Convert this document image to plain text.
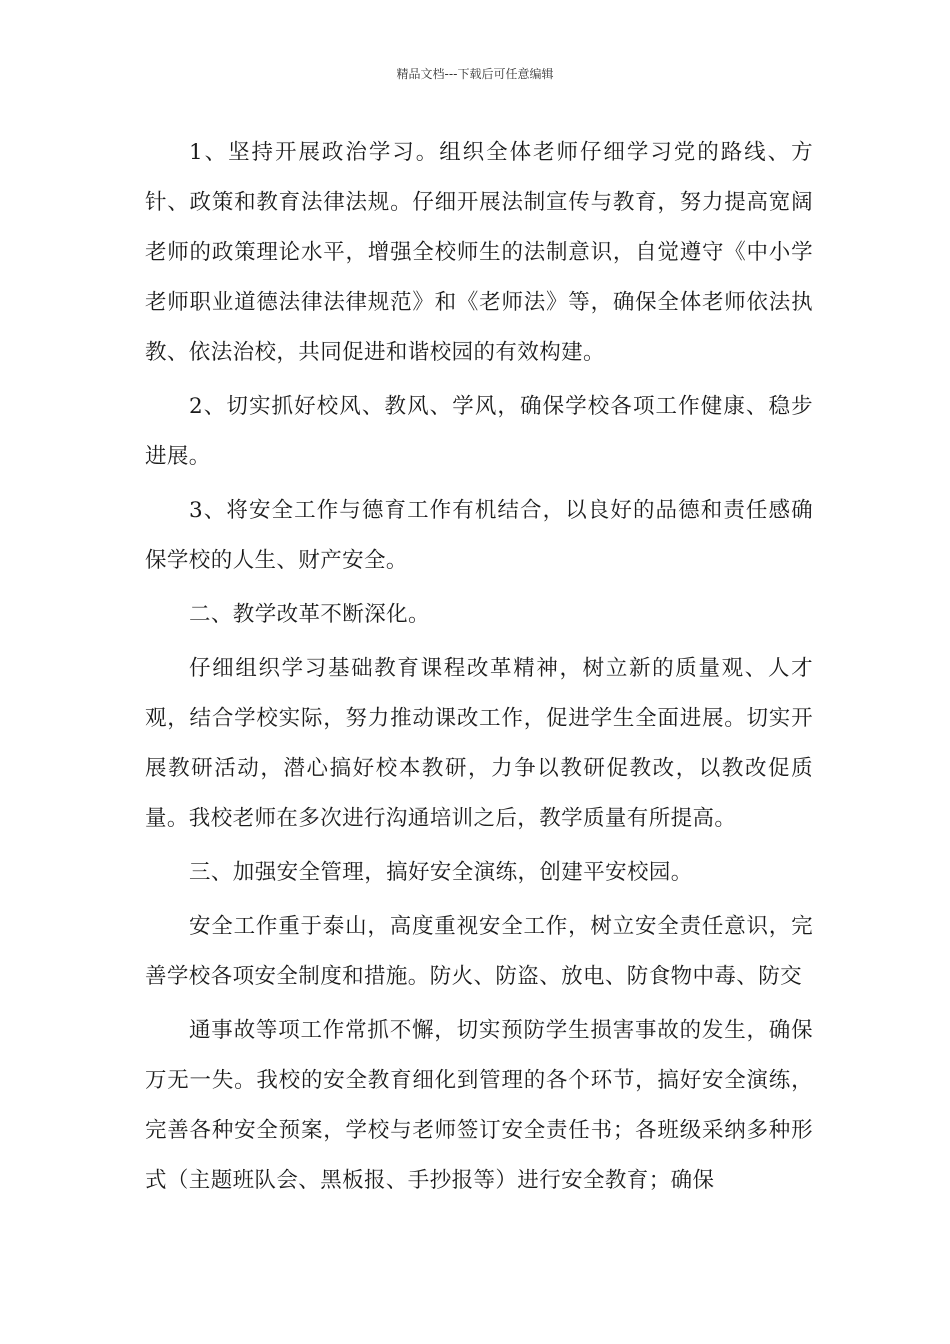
精品文档---下载后可任意编辑

1、坚持开展政治学习。组织全体老师仔细学习党的路线、方针、政策和教育法律法规。仔细开展法制宣传与教育，努力提高宽阔老师的政策理论水平，增强全校师生的法制意识，自觉遵守《中小学老师职业道德法律法律规范》和《老师法》等，确保全体老师依法执教、依法治校，共同促进和谐校园的有效构建。

2、切实抓好校风、教风、学风，确保学校各项工作健康、稳步进展。

3、将安全工作与德育工作有机结合，以良好的品德和责任感确保学校的人生、财产安全。

二、教学改革不断深化。

仔细组织学习基础教育课程改革精神，树立新的质量观、人才观，结合学校实际，努力推动课改工作，促进学生全面进展。切实开展教研活动，潜心搞好校本教研，力争以教研促教改，以教改促质量。我校老师在多次进行沟通培训之后，教学质量有所提高。

三、加强安全管理，搞好安全演练，创建平安校园。

安全工作重于泰山，高度重视安全工作，树立安全责任意识，完善学校各项安全制度和措施。防火、防盗、放电、防食物中毒、防交

通事故等项工作常抓不懈，切实预防学生损害事故的发生，确保万无一失。我校的安全教育细化到管理的各个环节，搞好安全演练，完善各种安全预案，学校与老师签订安全责任书；各班级采纳多种形式（主题班队会、黑板报、手抄报等）进行安全教育；确保
